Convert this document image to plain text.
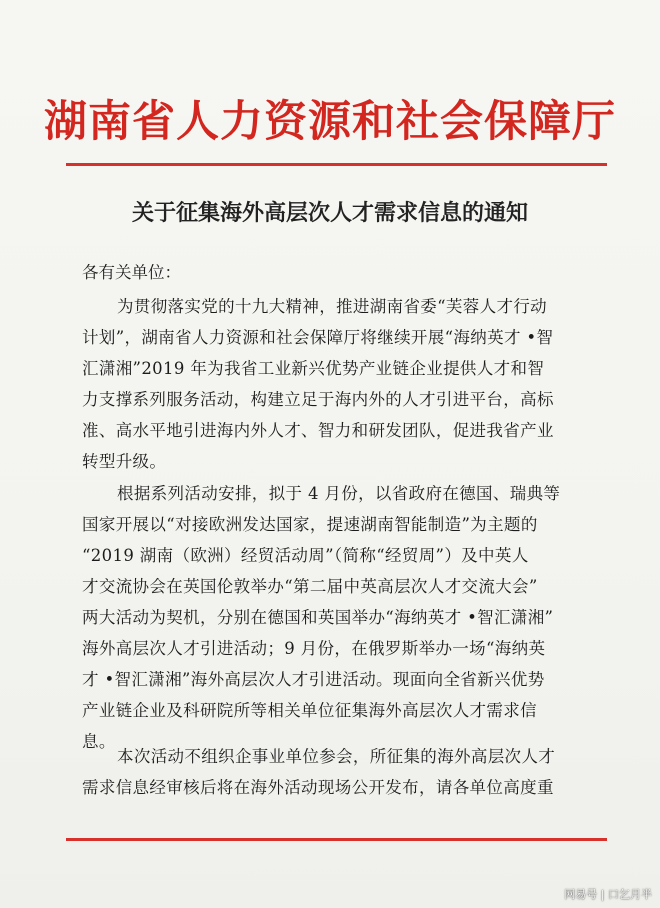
湖南省人力资源和社会保障厅
关于征集海外高层次人才需求信息的通知
各有关单位：

为贯彻落实党的十九大精神，推进湖南省委“芙蓉人才行动
计划”，湖南省人力资源和社会保障厅将继续开展“海纳英才 •智
汇潇湘”2019 年为我省工业新兴优势产业链企业提供人才和智
力支撑系列服务活动，构建立足于海内外的人才引进平台，高标
准、高水平地引进海内外人才、智力和研发团队，促进我省产业
转型升级。

根据系列活动安排，拟于 4 月份，以省政府在德国、瑞典等
国家开展以“对接欧洲发达国家，提速湖南智能制造”为主题的
“2019 湖南（欧洲）经贸活动周”（简称“经贸周”）及中英人
才交流协会在英国伦敦举办“第二届中英高层次人才交流大会”
两大活动为契机，分别在德国和英国举办“海纳英才 •智汇潇湘”
海外高层次人才引进活动；9 月份，在俄罗斯举办一场“海纳英
才 •智汇潇湘”海外高层次人才引进活动。现面向全省新兴优势
产业链企业及科研院所等相关单位征集海外高层次人才需求信
息。

本次活动不组织企事业单位参会，所征集的海外高层次人才
需求信息经审核后将在海外活动现场公开发布，请各单位高度重

网易号 | 口乞月半
